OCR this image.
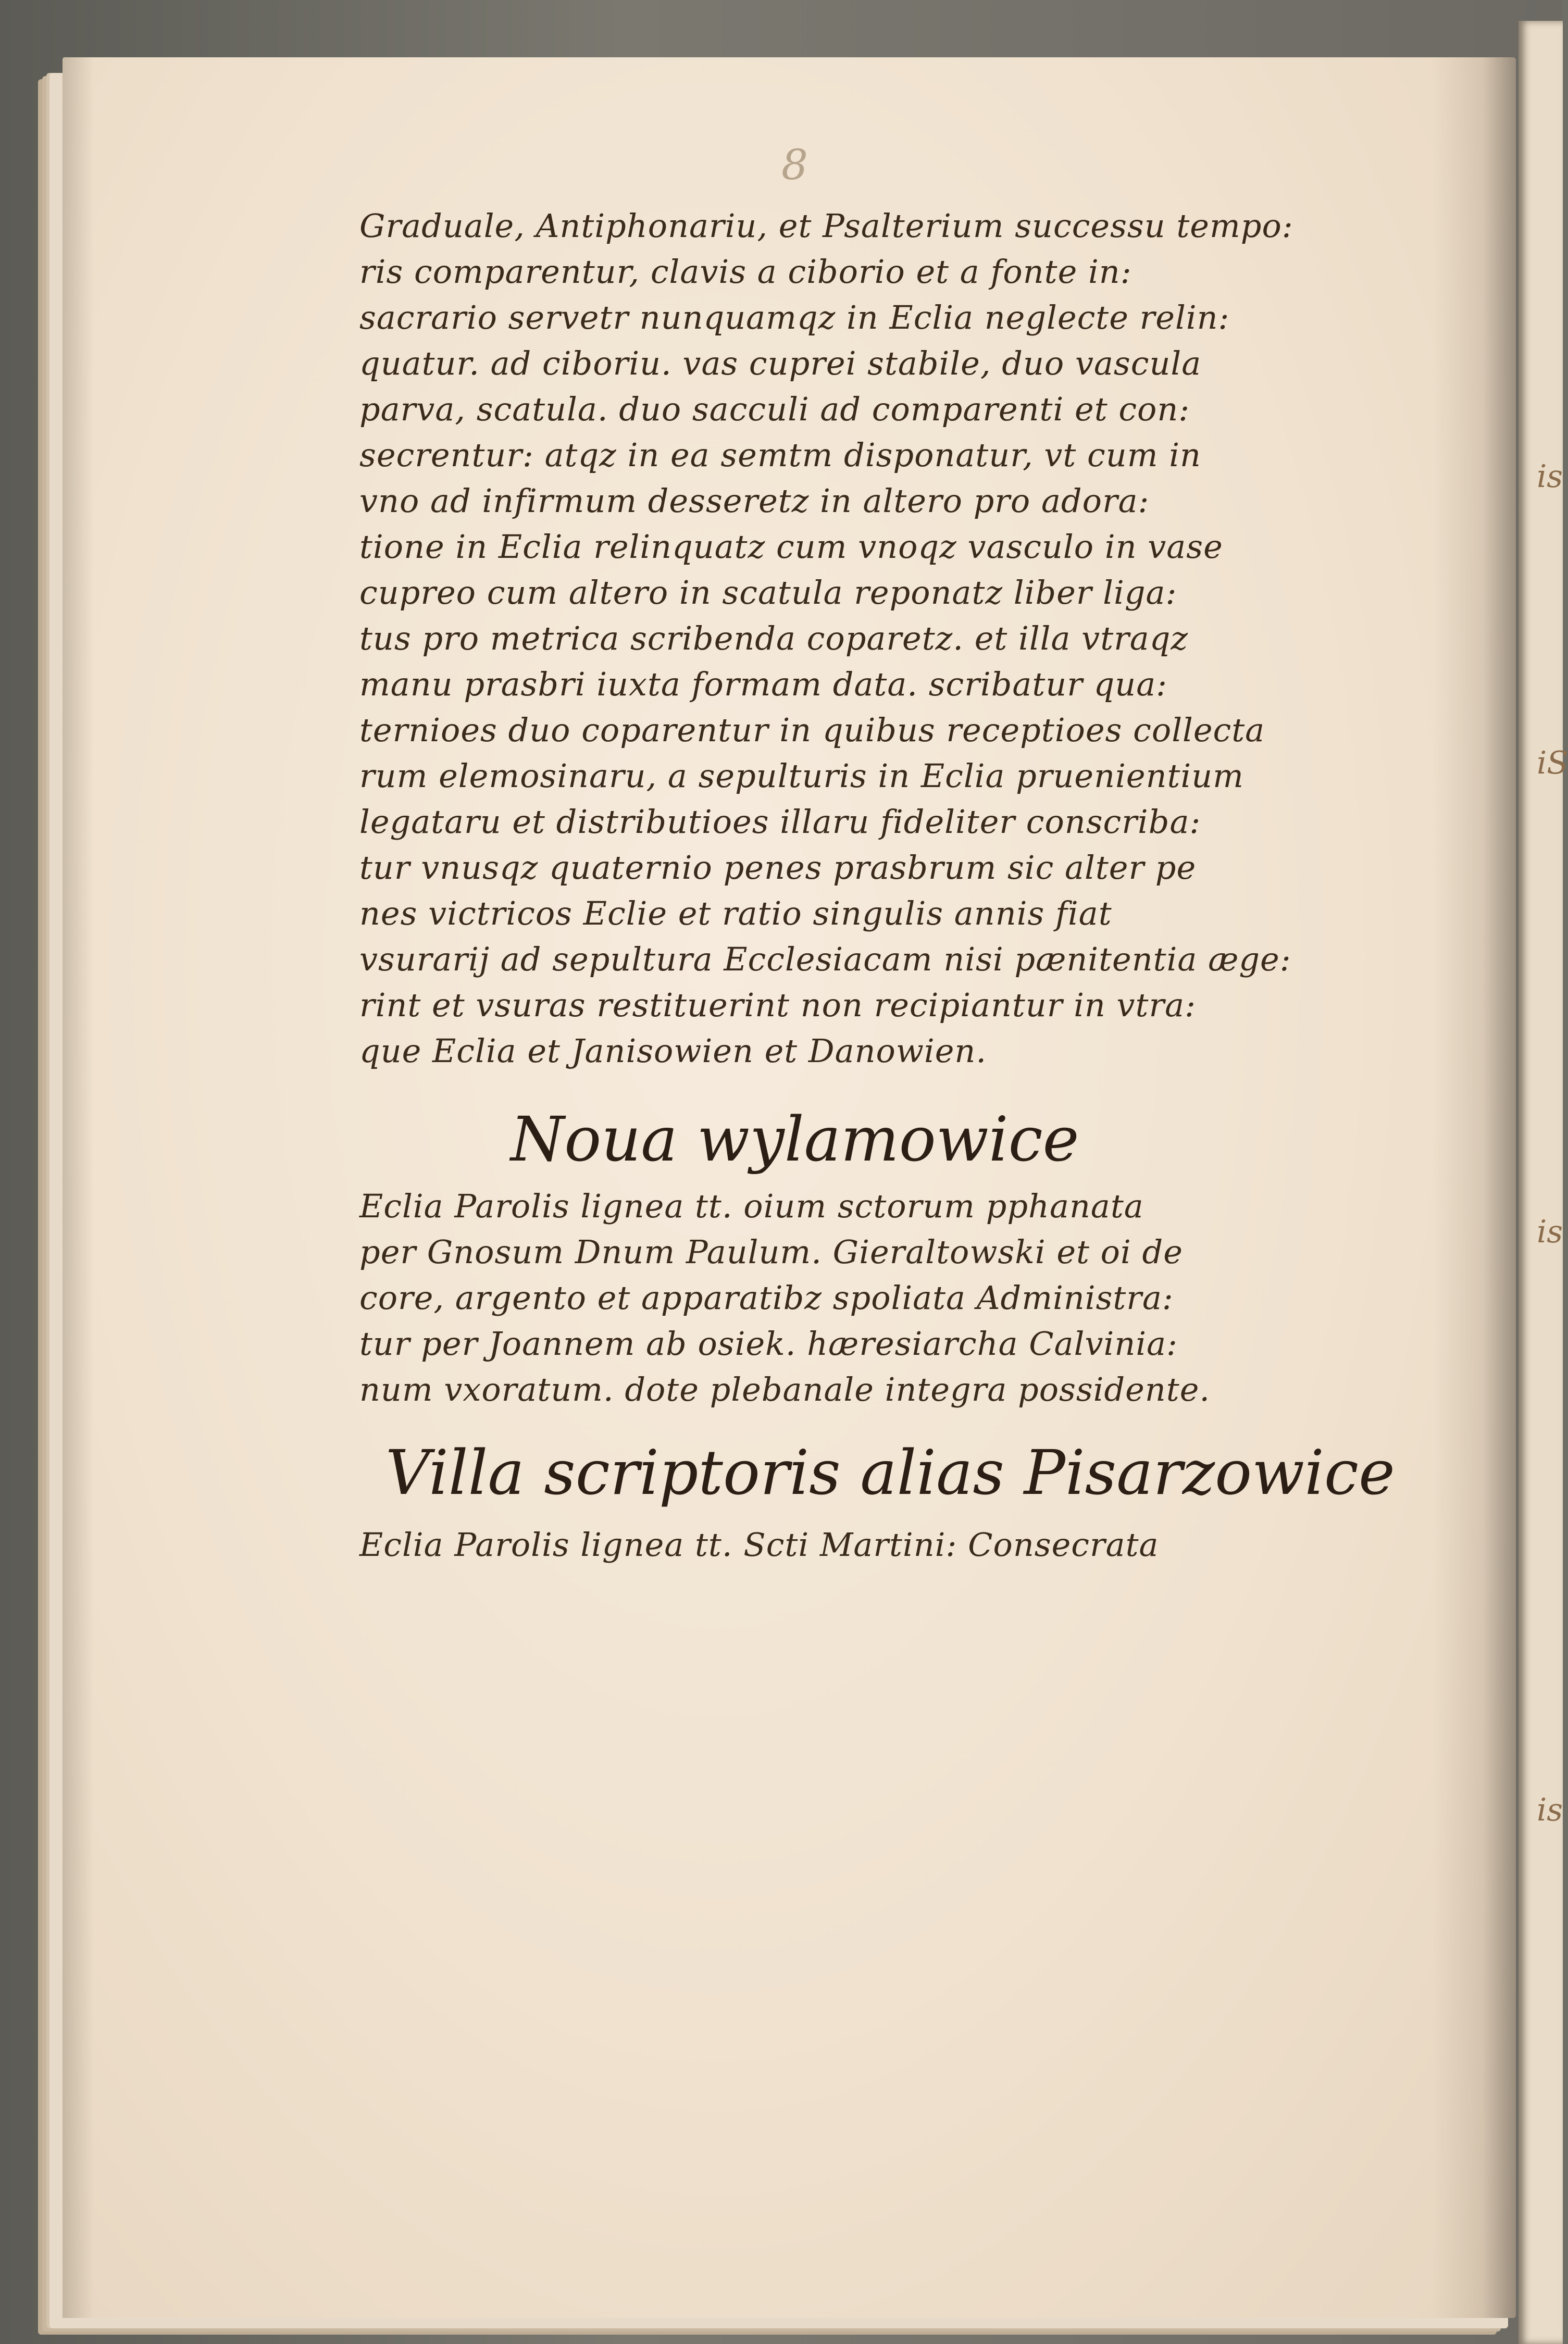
is
iS
is
is
8
Graduale, Antiphonariu, et Psalterium successu tempo:
ris comparentur, clavis a ciborio et a fonte in:
sacrario servetr nunquamqz in Eclia neglecte relin:
quatur. ad ciboriu. vas cuprei stabile, duo vascula
parva, scatula. duo sacculi ad comparenti et con:
secrentur: atqz in ea semtm disponatur, vt cum in
vno ad infirmum desseretz in altero pro adora:
tione in Eclia relinquatz cum vnoqz vasculo in vase
cupreo cum altero in scatula reponatz liber liga:
tus pro metrica scribenda coparetz. et illa vtraqz
manu prasbri iuxta formam data. scribatur qua:
ternioes duo coparentur in quibus receptioes collecta
rum elemosinaru, a sepulturis in Eclia pruenientium
legataru et distributioes illaru fideliter conscriba:
tur vnusqz quaternio penes prasbrum sic alter pe
nes victricos Eclie et ratio singulis annis fiat
vsurarij ad sepultura Ecclesiacam nisi pænitentia æge:
rint et vsuras restituerint non recipiantur in vtra:
que Eclia et Janisowien et Danowien.
Noua wylamowice
Eclia Parolis lignea tt. oium sctorum pphanata
per Gnosum Dnum Paulum. Gieraltowski et oi de
core, argento et apparatibz spoliata Administra:
tur per Joannem ab osiek. hæresiarcha Calvinia:
num vxoratum. dote plebanale integra possidente.
Villa scriptoris alias Pisarzowice
Eclia Parolis lignea tt. Scti Martini: Consecrata
